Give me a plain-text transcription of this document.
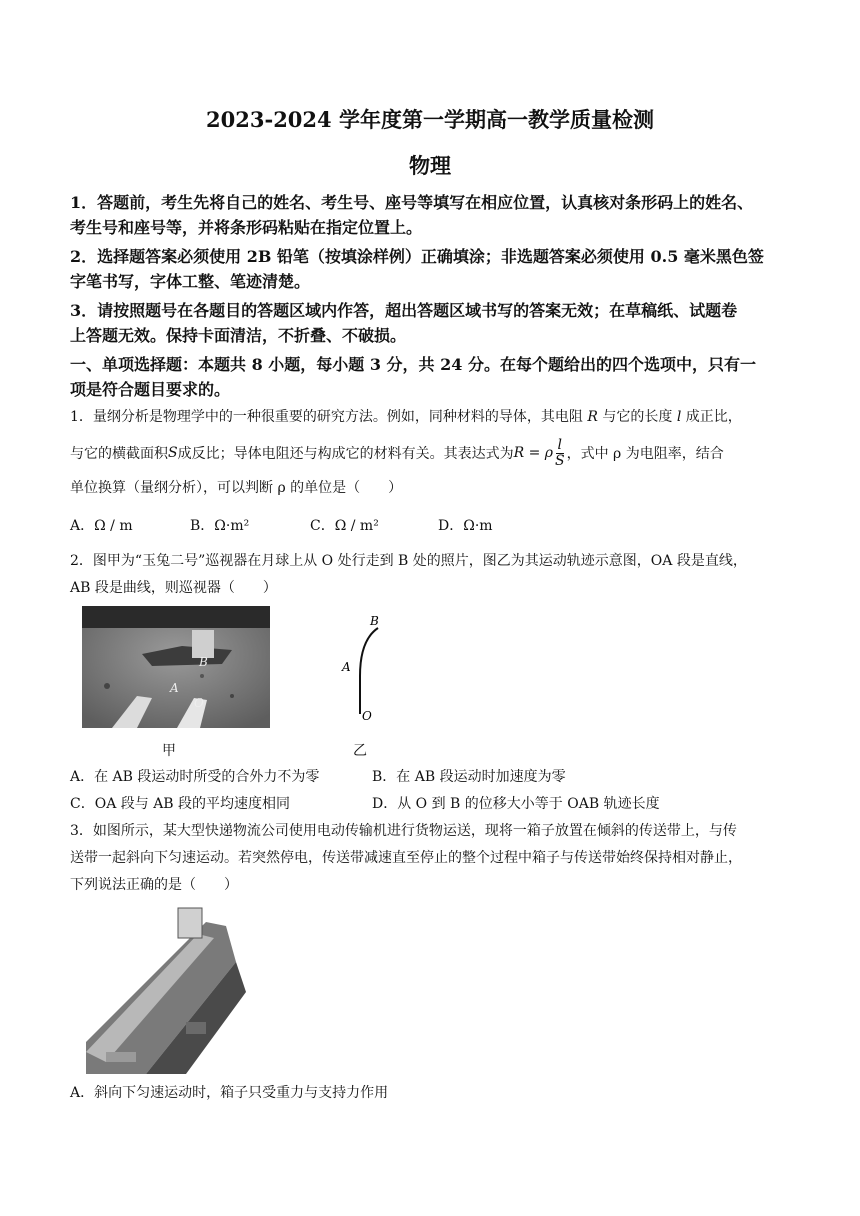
2023-2024 学年度第一学期高一教学质量检测
物理
1．答题前，考生先将自己的姓名、考生号、座号等填写在相应位置，认真核对条形码上的姓名、
考生号和座号等，并将条形码粘贴在指定位置上。
2．选择题答案必须使用 2B 铅笔（按填涂样例）正确填涂；非选题答案必须使用 0.5 毫米黑色签
字笔书写，字体工整、笔迹清楚。
3．请按照题号在各题目的答题区域内作答，超出答题区域书写的答案无效；在草稿纸、试题卷
上答题无效。保持卡面清洁，不折叠、不破损。
一、单项选择题：本题共 8 小题，每小题 3 分，共 24 分。在每个题给出的四个选项中，只有一
项是符合题目要求的。
1．量纲分析是物理学中的一种很重要的研究方法。例如，同种材料的导体，其电阻 R 与它的长度 l 成正比，
与它的横截面积 S 成反比；导体电阻还与构成它的材料有关。其表达式为 R = ρ $\frac{l}{S}$ ，式中 ρ 为电阻率，结合
单位换算（量纲分析），可以判断 ρ 的单位是（　　）
A．Ω / m	B．Ω·m²	C．Ω / m²	D．Ω·m
2．图甲为“玉兔二号”巡视器在月球上从 O 处行走到 B 处的照片，图乙为其运动轨迹示意图，OA 段是直线，
AB 段是曲线，则巡视器（　　）
B
A
O
B
A
O
甲	乙
A．在 AB 段运动时所受的合外力不为零	B．在 AB 段运动时加速度为零
C．OA 段与 AB 段的平均速度相同	D．从 O 到 B 的位移大小等于 OAB 轨迹长度
3．如图所示，某大型快递物流公司使用电动传输机进行货物运送，现将一箱子放置在倾斜的传送带上，与传
送带一起斜向下匀速运动。若突然停电，传送带减速直至停止的整个过程中箱子与传送带始终保持相对静止，
下列说法正确的是（　　）
A．斜向下匀速运动时，箱子只受重力与支持力作用
